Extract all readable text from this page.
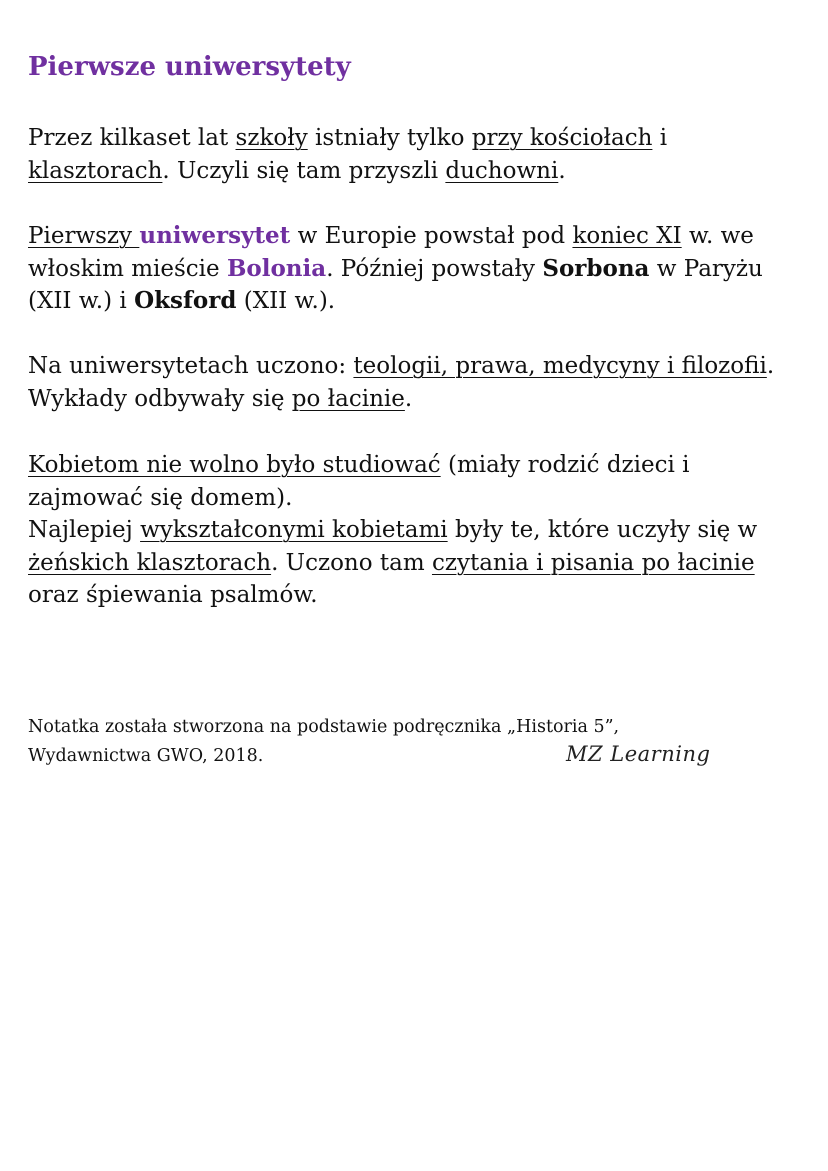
Pierwsze uniwersytety

Przez kilkaset lat szkoły istniały tylko przy kościołach i klasztorach. Uczyli się tam przyszli duchowni.

Pierwszy uniwersytet w Europie powstał pod koniec XI w. we włoskim mieście Bolonia. Później powstały Sorbona w Paryżu (XII w.) i Oksford (XII w.).

Na uniwersytetach uczono: teologii, prawa, medycyny i filozofii. Wykłady odbywały się po łacinie.

Kobietom nie wolno było studiować (miały rodzić dzieci i zajmować się domem).
Najlepiej wykształconymi kobietami były te, które uczyły się w żeńskich klasztorach. Uczono tam czytania i pisania po łacinie oraz śpiewania psalmów.

Notatka została stworzona na podstawie podręcznika „Historia 5”,
Wydawnictwa GWO, 2018.	MZ Learning
